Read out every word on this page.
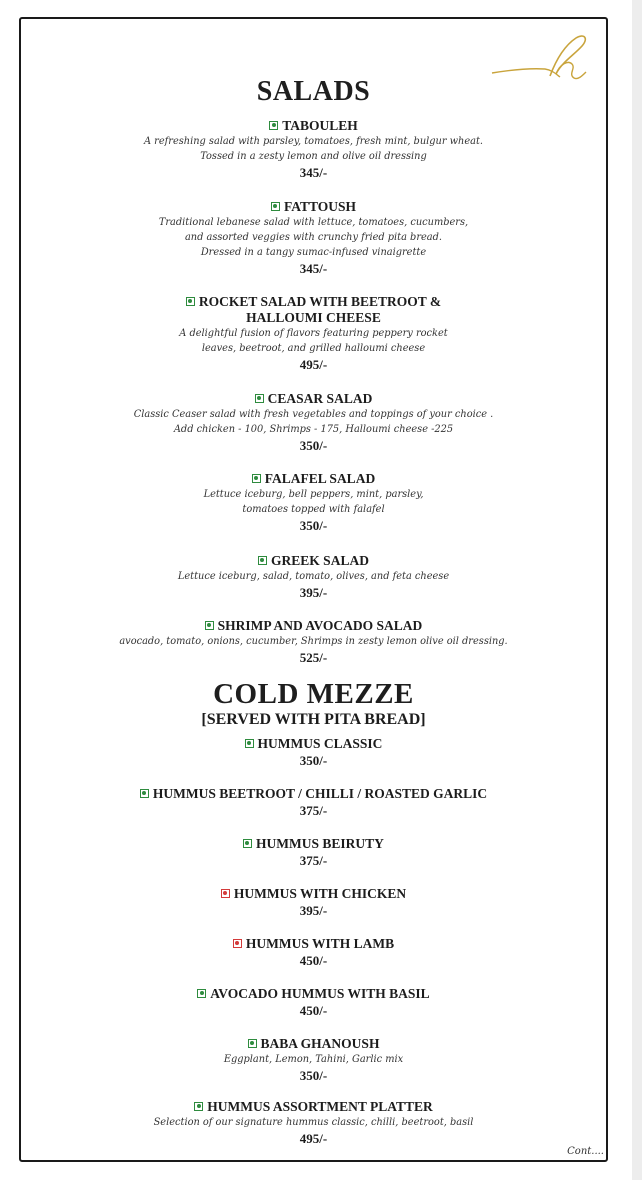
SALADS

TABOULEH

A refreshing salad with parsley, tomatoes, fresh mint, bulgur wheat.

Tossed in a zesty lemon and olive oil dressing

345/-

FATTOUSH

Traditional lebanese salad with lettuce, tomatoes, cucumbers,

and assorted veggies with crunchy fried pita bread.

Dressed in a tangy sumac-infused vinaigrette

345/-

ROCKET SALAD WITH BEETROOT &

HALLOUMI CHEESE

A delightful fusion of flavors featuring peppery rocket

leaves, beetroot, and grilled halloumi cheese

495/-

CEASAR SALAD

Classic Ceaser salad with fresh vegetables and toppings of your choice .

Add chicken - 100, Shrimps - 175, Halloumi cheese -225

350/-

FALAFEL SALAD

Lettuce iceburg, bell peppers, mint, parsley,

tomatoes topped with falafel

350/-

GREEK SALAD

Lettuce iceburg, salad, tomato, olives, and feta cheese

395/-

SHRIMP AND AVOCADO SALAD

avocado, tomato, onions, cucumber, Shrimps in zesty lemon olive oil dressing.

525/-

COLD MEZZE
[SERVED WITH PITA BREAD]

HUMMUS CLASSIC

350/-

HUMMUS BEETROOT / CHILLI / ROASTED GARLIC

375/-

HUMMUS BEIRUTY

375/-

HUMMUS WITH CHICKEN

395/-

HUMMUS WITH LAMB

450/-

AVOCADO HUMMUS WITH BASIL

450/-

BABA GHANOUSH

Eggplant, Lemon, Tahini, Garlic mix

350/-

HUMMUS ASSORTMENT PLATTER

Selection of our signature hummus classic, chilli, beetroot, basil

495/-

Cont....
